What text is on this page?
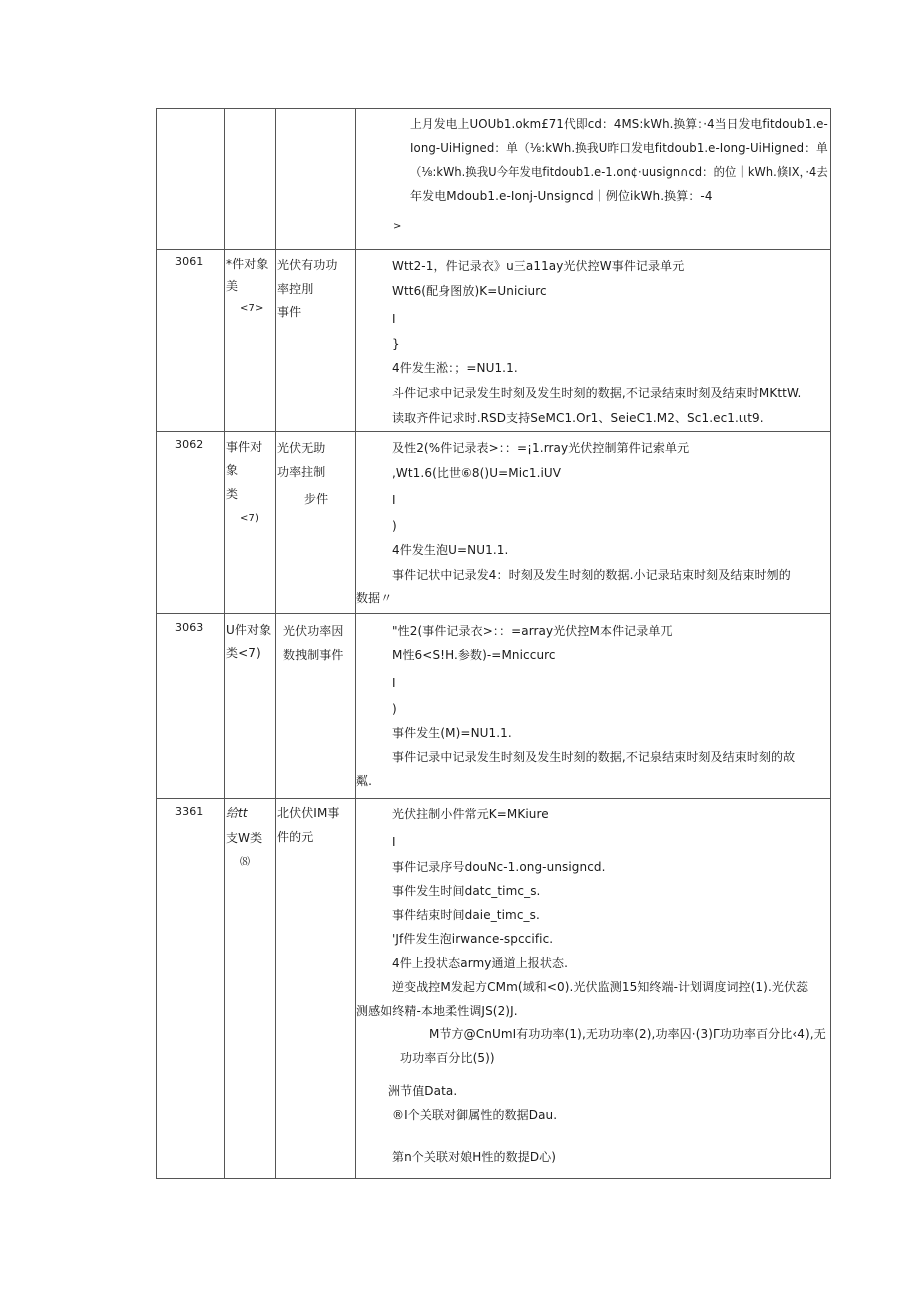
上月发电上UOUb1.okm£71代即cd：4MS:kWh.换算：·4当日发电fitdoub1.e-
Iong-UiHigned：单（⅛:kWh.换我U昨口发电fitdoub1.e-Iong-UiHigned：单
（⅛:kWh.换我U今年发电fitdoub1.e-1.on¢·uusign∩cd：的位｜kWh.倏IX，·4去
年发电Mdoub1.e-Ionj-Unsigncd｜例位ikWh.换算：-4
>
3061 *件对象
美
<7>
光伏有功功
率控刖
事件
Wtt2-1，件记录衣》u三a11ay光伏控W事件记录单元
Wtt6(配身图放)K=Uniciurc
I
}
4件发生淞：；=NU1.1.
斗件记求中记录发生时刻及发生时刻的数据,不记录结束时刻及结束时MKttW.
读取齐件记求时.RSD支持SeMC1.Or1、SeieC1.M2、Sc1.ec1.ιιt9.
3062 事件对
象
类
<7)
光伏无助
功率拄制
步件
及性2(%件记录表>：：=¡1.rray光伏控制第件记索单元
,Wt1.6(比世⑥8()U=Mic1.iUV
I
)
4件发生泡U=NU1.1.
事件记状中记录发4：时刻及发生时刻的数据.小记录玷束时刻及结束时刎的
数据〃
3063 U件对象
类<7)
光伏功率因
数拽制事件
"性2(事件记录衣>：：=array光伏控M本件记录单兀
M性6<S!H.参数)-=Mniccurc
I
)
事件发生(M)=NU1.1.
事件记录中记录发生时刻及发生时刻的数据,不记泉结束时刻及结束时刻的故
粼.
3361 给tt
支W类
⑻
北伏伏IM事
件的元
光伏拄制小件常元K=MKiure
I
事件记录序号douNc-1.ong-unsigncd.
事件发生时间datc_timc_s.
事件结束时间daie_timc_s.
'Jf件发生泡irwance-spccific.
4件上投状态army通道上报状态.
逆变战控M发起方CMm(域和<0).光伏监测15知终端-计划调度词控(1).光伏蕊
测感如终精-本地柔性调JS(2)J.
M节方@CnUmI有功功率(1),无功功率(2),功率囚·(3)Γ功功率百分比‹4),无
功功率百分比(5))
洲节值Data.
®I个关联对御属性的数据Dau.
第n个关联对娘H性的数提D心)
